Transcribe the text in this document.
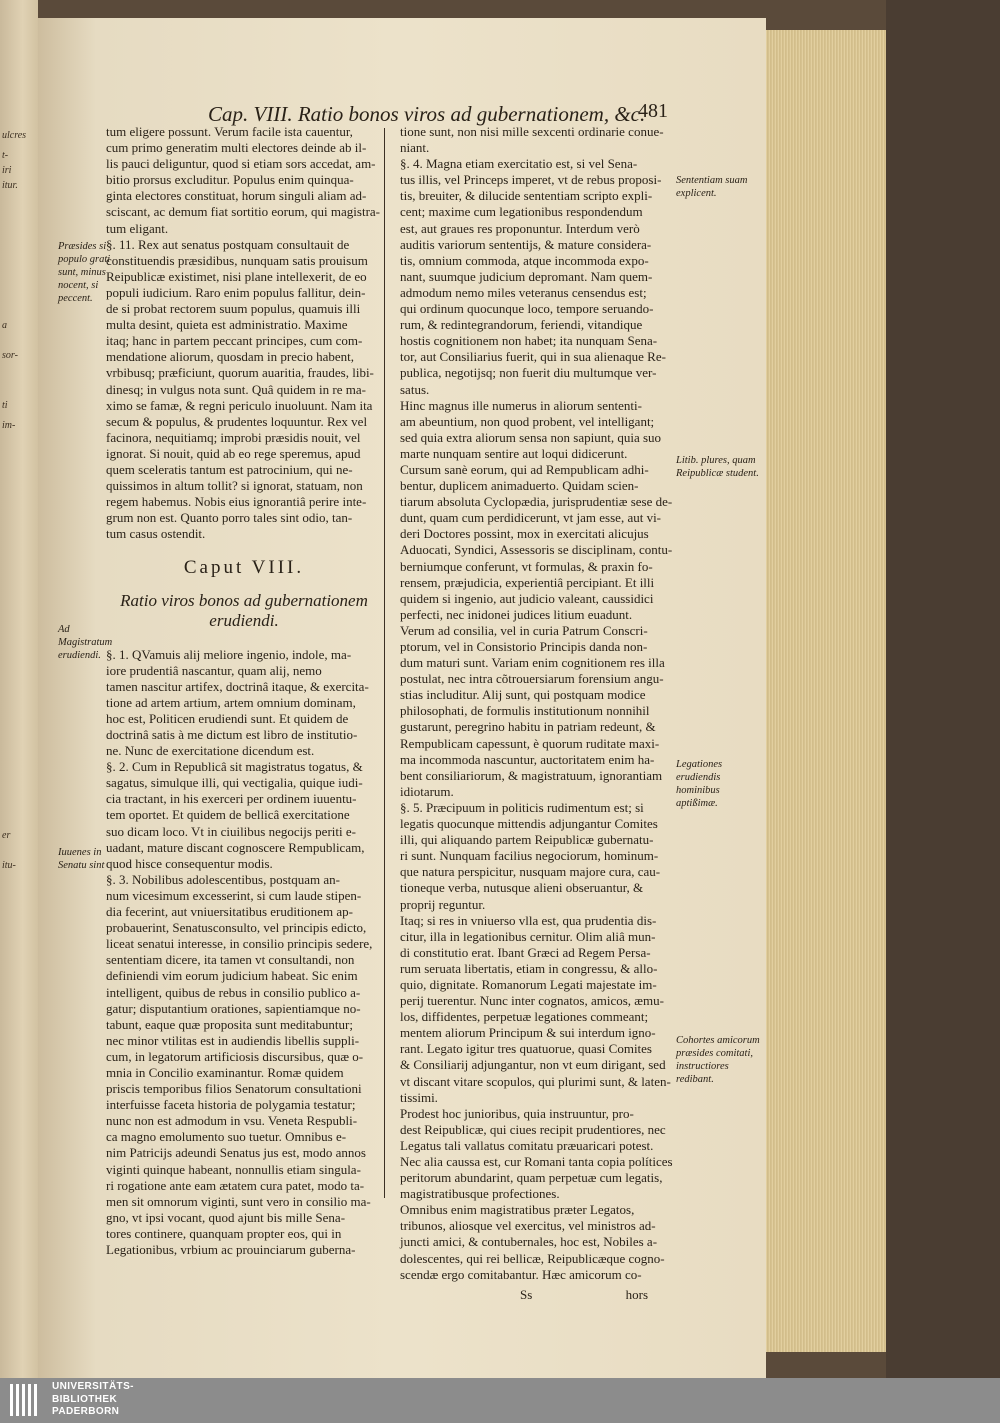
ulcres
t-
iri
itur.
a
sor-
ti
im-
er
itu-
Cap. VIII. Ratio bonos viros ad gubernationem, &c.
481

tum eligere possunt. Verum facile ista cauentur,

cum primo generatim multi electores deinde ab il-

lis pauci deliguntur, quod si etiam sors accedat, am-

bitio prorsus excluditur. Populus enim quinqua-

ginta electores constituat, horum singuli aliam ad-

sciscant, ac demum fiat sortitio eorum, qui magistra-

tum eligant.

§. 11. Rex aut senatus postquam consultauit de

constituendis præsidibus, nunquam satis prouisum

Reipublicæ existimet, nisi plane intellexerit, de eo

populi iudicium. Raro enim populus fallitur, dein-

de si probat rectorem suum populus, quamuis illi

multa desint, quieta est administratio. Maxime

itaq; hanc in partem peccant principes, cum com-

mendatione aliorum, quosdam in precio habent,

vrbibusq; præficiunt, quorum auaritia, fraudes, libi-

dinesq; in vulgus nota sunt. Quâ quidem in re ma-

ximo se famæ, & regni periculo inuoluunt. Nam ita

secum & populus, & prudentes loquuntur. Rex vel

facinora, nequitiamq; improbi præsidis nouit, vel

ignorat. Si nouit, quid ab eo rege speremus, apud

quem sceleratis tantum est patrocinium, qui ne-

quissimos in altum tollit? si ignorat, statuam, non

regem habemus. Nobis eius ignorantiâ perire inte-

grum non est. Quanto porro tales sint odio, tan-

tum casus ostendit.

Caput VIII.
Ratio viros bonos ad gubernationem
erudiendi.

§. 1. QVamuis alij meliore ingenio, indole, ma-

iore prudentiâ nascantur, quam alij, nemo

tamen nascitur artifex, doctrinâ itaque, & exercita-

tione ad artem artium, artem omnium dominam,

hoc est, Politicen erudiendi sunt. Et quidem de

doctrinâ satis à me dictum est libro de institutio-

ne. Nunc de exercitatione dicendum est.

§. 2. Cum in Republicâ sit magistratus togatus, &

sagatus, simulque illi, qui vectigalia, quique iudi-

cia tractant, in his exerceri per ordinem iuuentu-

tem oportet. Et quidem de bellicâ exercitatione

suo dicam loco. Vt in ciuilibus negocijs periti e-

uadant, mature discant cognoscere Rempublicam,

quod hisce consequentur modis.

§. 3. Nobilibus adolescentibus, postquam an-

num vicesimum excesserint, si cum laude stipen-

dia fecerint, aut vniuersitatibus eruditionem ap-

probauerint, Senatusconsulto, vel principis edicto,

liceat senatui interesse, in consilio principis sedere,

sententiam dicere, ita tamen vt consultandi, non

definiendi vim eorum judicium habeat. Sic enim

intelligent, quibus de rebus in consilio publico a-

gatur; disputantium orationes, sapientiamque no-

tabunt, eaque quæ proposita sunt meditabuntur;

nec minor vtilitas est in audiendis libellis suppli-

cum, in legatorum artificiosis discursibus, quæ o-

mnia in Concilio examinantur. Romæ quidem

priscis temporibus filios Senatorum consultationi

interfuisse faceta historia de polygamia testatur;

nunc non est admodum in vsu. Veneta Respubli-

ca magno emolumento suo tuetur. Omnibus e-

nim Patricijs adeundi Senatus jus est, modo annos

viginti quinque habeant, nonnullis etiam singula-

ri rogatione ante eam ætatem cura patet, modo ta-

men sit omnorum viginti, sunt vero in consilio ma-

gno, vt ipsi vocant, quod ajunt bis mille Sena-

tores continere, quanquam propter eos, qui in

Legationibus, vrbium ac prouinciarum guberna-

tione sunt, non nisi mille sexcenti ordinarie conue-

niant.

§. 4. Magna etiam exercitatio est, si vel Sena-

tus illis, vel Princeps imperet, vt de rebus proposi-

tis, breuiter, & dilucide sententiam scripto expli-

cent; maxime cum legationibus respondendum

est, aut graues res proponuntur. Interdum verò

auditis variorum sententijs, & mature considera-

tis, omnium commoda, atque incommoda expo-

nant, suumque judicium depromant. Nam quem-

admodum nemo miles veteranus censendus est;

qui ordinum quocunque loco, tempore seruando-

rum, & redintegrandorum, feriendi, vitandique

hostis cognitionem non habet; ita nunquam Sena-

tor, aut Consiliarius fuerit, qui in sua alienaque Re-

publica, negotijsq; non fuerit diu multumque ver-

satus.

Hinc magnus ille numerus in aliorum sententi-

am abeuntium, non quod probent, vel intelligant;

sed quia extra aliorum sensa non sapiunt, quia suo

marte nunquam sentire aut loqui didicerunt.

Cursum sanè eorum, qui ad Rempublicam adhi-

bentur, duplicem animaduerto. Quidam scien-

tiarum absoluta Cyclopædia, jurisprudentiæ sese de-

dunt, quam cum perdidicerunt, vt jam esse, aut vi-

deri Doctores possint, mox in exercitati alicujus

Aduocati, Syndici, Assessoris se disciplinam, contu-

berniumque conferunt, vt formulas, & praxin fo-

rensem, præjudicia, experientiâ percipiant. Et illi

quidem si ingenio, aut judicio valeant, caussidici

perfecti, nec inidonei judices litium euadunt.

Verum ad consilia, vel in curia Patrum Conscri-

ptorum, vel in Consistorio Principis danda non-

dum maturi sunt. Variam enim cognitionem res illa

postulat, nec intra cõtrouersiarum forensium angu-

stias includitur. Alij sunt, qui postquam modice

philosophati, de formulis institutionum nonnihil

gustarunt, peregrino habitu in patriam redeunt, &

Rempublicam capessunt, è quorum ruditate maxi-

ma incommoda nascuntur, auctoritatem enim ha-

bent consiliariorum, & magistratuum, ignorantiam

idiotarum.

§. 5. Præcipuum in politicis rudimentum est; si

legatis quocunque mittendis adjungantur Comites

illi, qui aliquando partem Reipublicæ gubernatu-

ri sunt. Nunquam facilius negociorum, hominum-

que natura perspicitur, nusquam majore cura, cau-

tioneque verba, nutusque alieni obseruantur, &

proprij reguntur.

Itaq; si res in vniuerso vlla est, qua prudentia dis-

citur, illa in legationibus cernitur. Olim aliâ mun-

di constitutio erat. Ibant Græci ad Regem Persa-

rum seruata libertatis, etiam in congressu, & allo-

quio, dignitate. Romanorum Legati majestate im-

perij tuerentur. Nunc inter cognatos, amicos, æmu-

los, diffidentes, perpetuæ legationes commeant;

mentem aliorum Principum & sui interdum igno-

rant. Legato igitur tres quatuorue, quasi Comites

& Consiliarij adjungantur, non vt eum dirigant, sed

vt discant vitare scopulos, qui plurimi sunt, & laten-

tissimi.

Prodest hoc junioribus, quia instruuntur, pro-

dest Reipublicæ, qui ciues recipit prudentiores, nec

Legatus tali vallatus comitatu præuaricari potest.

Nec alia caussa est, cur Romani tanta copia polítices

peritorum abundarint, quam perpetuæ cum legatis,

magistratibusque profectiones.

Omnibus enim magistratibus præter Legatos,

tribunos, aliosque vel exercitus, vel ministros ad-

juncti amici, & contubernales, hoc est, Nobiles a-

dolescentes, qui rei bellicæ, Reipublicæque cogno-

scendæ ergo comitabantur. Hæc amicorum co-

Ss	hors
Præsides si populo grati sunt, minus nocent, si peccent.
Ad Magistratum erudiendi.
Iuuenes in Senatu sint
Sententiam suam explicent.
Litib. plures, quam Reipublicæ student.
Legationes erudiendis hominibus aptißimæ.
Cohortes amicorum præsides comitati, instructiores redibant.
UNIVERSITÄTS-
BIBLIOTHEK
PADERBORN
